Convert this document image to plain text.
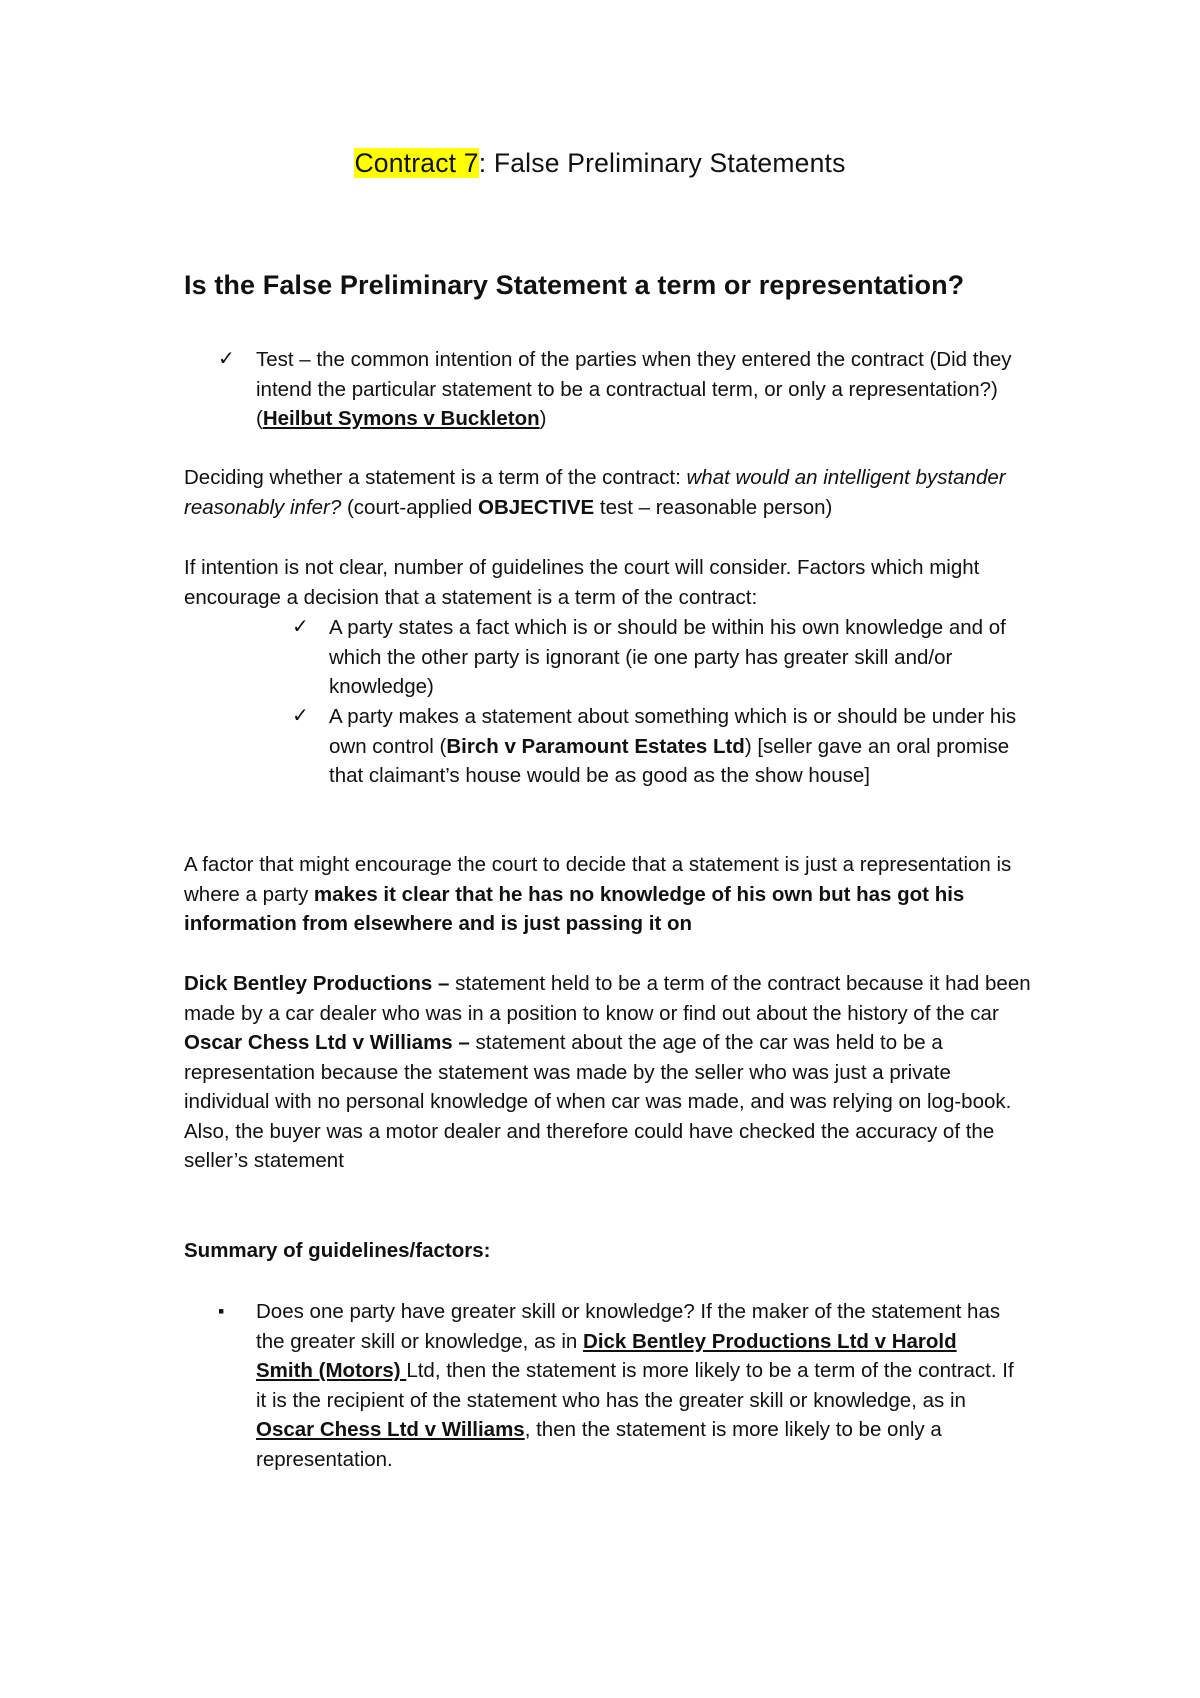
Contract 7: False Preliminary Statements
Is the False Preliminary Statement a term or representation?
✓ Test – the common intention of the parties when they entered the contract (Did they intend the particular statement to be a contractual term, or only a representation?) (Heilbut Symons v Buckleton)
Deciding whether a statement is a term of the contract: what would an intelligent bystander reasonably infer? (court-applied OBJECTIVE test – reasonable person)
If intention is not clear, number of guidelines the court will consider. Factors which might encourage a decision that a statement is a term of the contract:
✓ A party states a fact which is or should be within his own knowledge and of which the other party is ignorant (ie one party has greater skill and/or knowledge)
✓ A party makes a statement about something which is or should be under his own control (Birch v Paramount Estates Ltd) [seller gave an oral promise that claimant’s house would be as good as the show house]
A factor that might encourage the court to decide that a statement is just a representation is where a party makes it clear that he has no knowledge of his own but has got his information from elsewhere and is just passing it on

Dick Bentley Productions – statement held to be a term of the contract because it had been made by a car dealer who was in a position to know or find out about the history of the car

Oscar Chess Ltd v Williams – statement about the age of the car was held to be a representation because the statement was made by the seller who was just a private individual with no personal knowledge of when car was made, and was relying on log-book. Also, the buyer was a motor dealer and therefore could have checked the accuracy of the seller’s statement

Summary of guidelines/factors:
▪ Does one party have greater skill or knowledge? If the maker of the statement has the greater skill or knowledge, as in Dick Bentley Productions Ltd v Harold Smith (Motors) Ltd, then the statement is more likely to be a term of the contract. If it is the recipient of the statement who has the greater skill or knowledge, as in Oscar Chess Ltd v Williams, then the statement is more likely to be only a representation.
